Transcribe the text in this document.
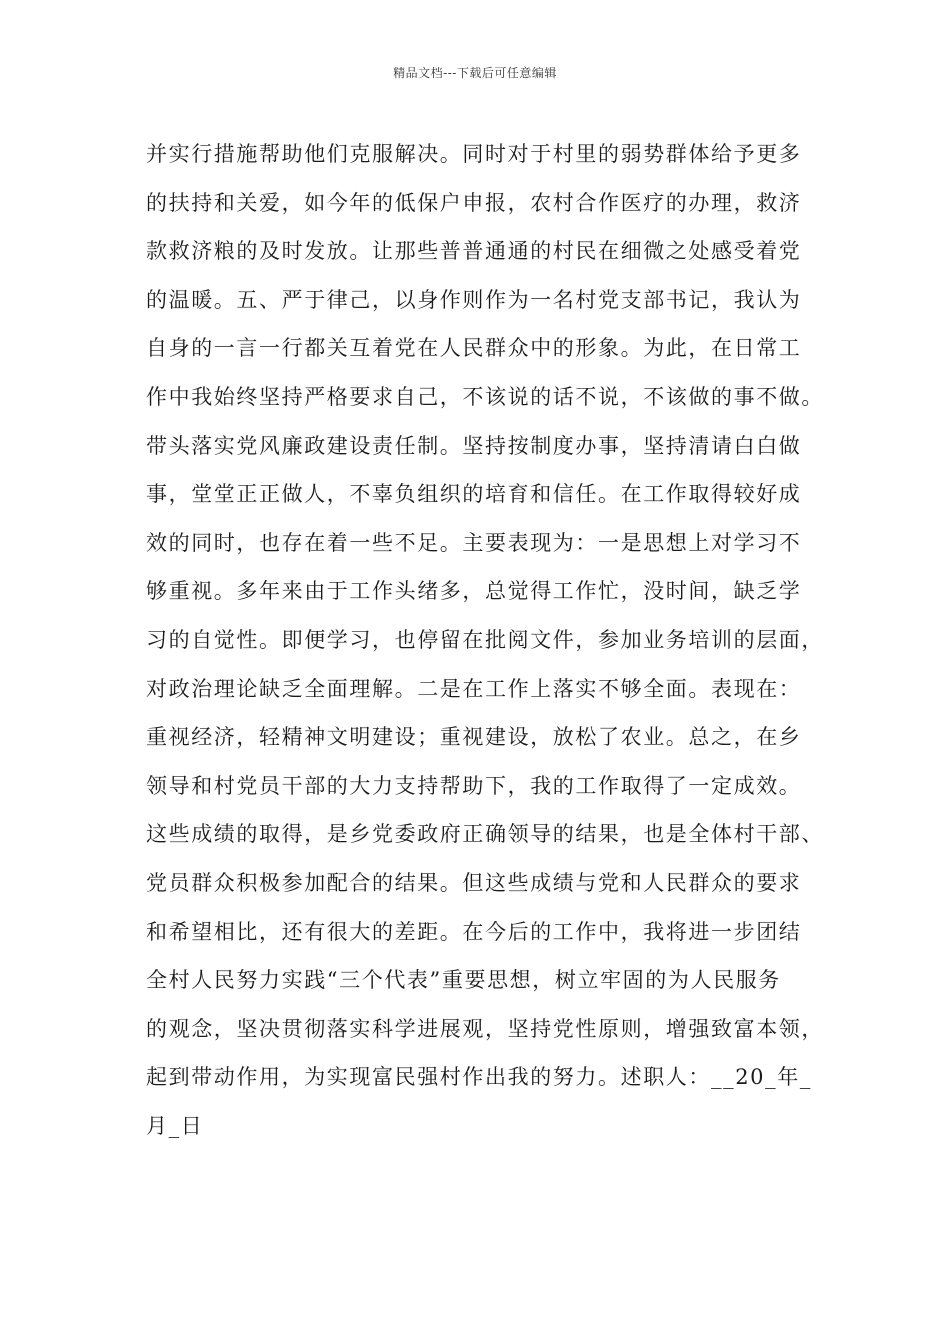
精品文档---下载后可任意编辑
并实行措施帮助他们克服解决。同时对于村里的弱势群体给予更多
的扶持和关爱，如今年的低保户申报，农村合作医疗的办理，救济
款救济粮的及时发放。让那些普普通通的村民在细微之处感受着党
的温暖。五、严于律己，以身作则作为一名村党支部书记，我认为
自身的一言一行都关互着党在人民群众中的形象。为此，在日常工
作中我始终坚持严格要求自己，不该说的话不说，不该做的事不做。
带头落实党风廉政建设责任制。坚持按制度办事，坚持清请白白做
事，堂堂正正做人，不辜负组织的培育和信任。在工作取得较好成
效的同时，也存在着一些不足。主要表现为：一是思想上对学习不
够重视。多年来由于工作头绪多，总觉得工作忙，没时间，缺乏学
习的自觉性。即便学习，也停留在批阅文件，参加业务培训的层面，
对政治理论缺乏全面理解。二是在工作上落实不够全面。表现在：
重视经济，轻精神文明建设；重视建设，放松了农业。总之，在乡
领导和村党员干部的大力支持帮助下，我的工作取得了一定成效。
这些成绩的取得，是乡党委政府正确领导的结果，也是全体村干部、
党员群众积极参加配合的结果。但这些成绩与党和人民群众的要求
和希望相比，还有很大的差距。在今后的工作中，我将进一步团结
全村人民努力实践“三个代表”重要思想，树立牢固的为人民服务
的观念，坚决贯彻落实科学进展观，坚持党性原则，增强致富本领，
起到带动作用，为实现富民强村作出我的努力。述职人：__20_年_
月_日
